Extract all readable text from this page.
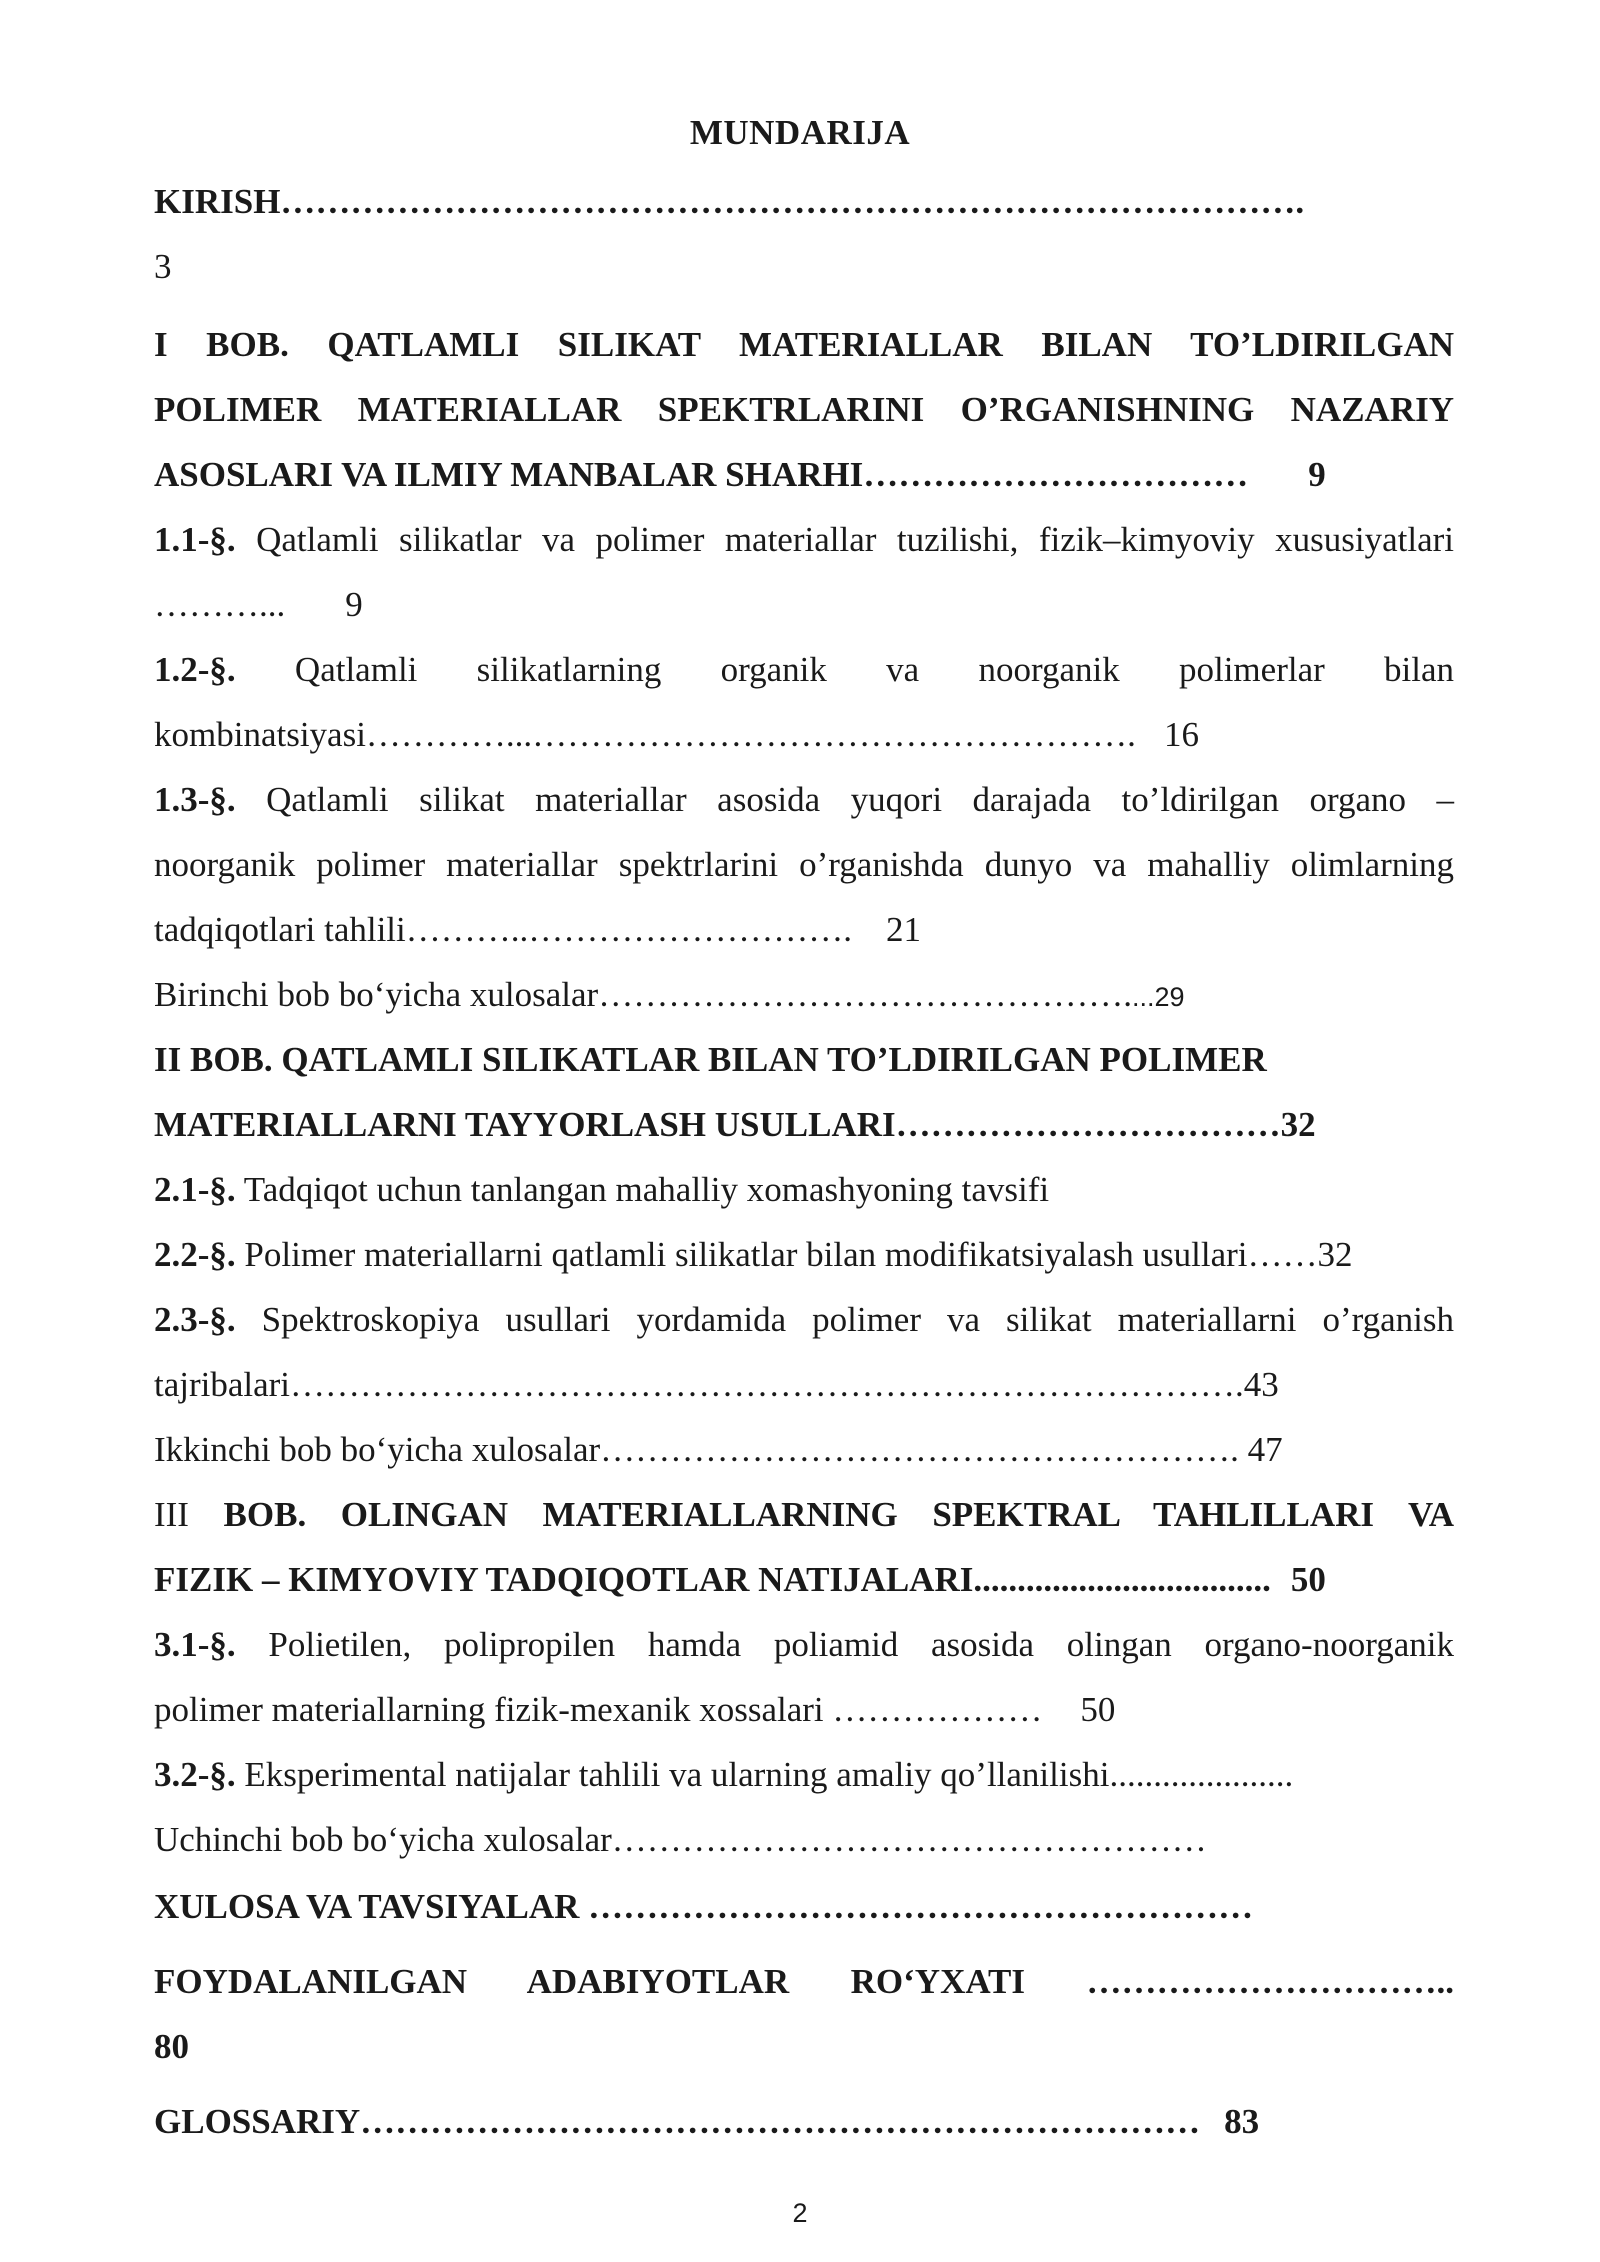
MUNDARIJA
KIRISH…………………………………………………………………………….
3
I BOB. QATLAMLI SILIKAT MATERIALLAR BILAN TO’LDIRILGAN
POLIMER MATERIALLAR SPEKTRLARINI O’RGANISHNING NAZARIY
ASOSLARI VA ILMIY MANBALAR SHARHI…………………………… 9
1.1-§. Qatlamli silikatlar va polimer materiallar tuzilishi, fizik–kimyoviy xususiyatlari
………... 9
1.2-§. Qatlamli silikatlarning organik va noorganik polimerlar bilan
kombinatsiyasi…………...……………………………………………. 16
1.3-§. Qatlamli silikat materiallar asosida yuqori darajada to’ldirilgan organo –
noorganik polimer materiallar spektrlarini o’rganishda dunyo va mahalliy olimlarning
tadqiqotlari tahlili………..………………………. 21
Birinchi bob bo‘yicha xulosalar………………………………………....29
II BOB. QATLAMLI SILIKATLAR BILAN TO’LDIRILGAN POLIMER
MATERIALLARNI TAYYORLASH USULLARI……………………………32
2.1-§. Tadqiqot uchun tanlangan mahalliy xomashyoning tavsifi
2.2-§. Polimer materiallarni qatlamli silikatlar bilan modifikatsiyalash usullari……32
2.3-§. Spektroskopiya usullari yordamida polimer va silikat materiallarni o’rganish
tajribalari……………………………………………………………………….43
Ikkinchi bob bo‘yicha xulosalar………………………………………………. 47
III BOB. OLINGAN MATERIALLARNING SPEKTRAL TAHLILLARI VA
FIZIK – KIMYOVIY TADQIQOTLAR NATIJALARI.................................. 50
3.1-§. Polietilen, polipropilen hamda poliamid asosida olingan organo-noorganik
polimer materiallarning fizik-mexanik xossalari ……………… 50
3.2-§. Eksperimental natijalar tahlili va ularning amaliy qo’llanilishi.....................
Uchinchi bob bo‘yicha xulosalar……………………………………………
XULOSA VA TAVSIYALAR …………………………………………………
FOYDALANILGAN ADABIYOTLAR RO‘YXATI …………………………..
80
GLOSSARIY……………………………………………………………… 83
2
